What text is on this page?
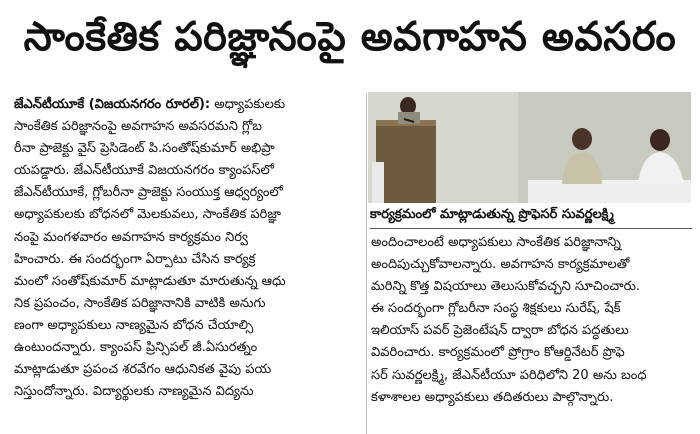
సాంకేతిక పరిజ్ఞానంపై అవగాహన అవసరం
జేఎన్‌టీయూకే (విజయనగరం రూరల్‌): అధ్యాపకులకు
సాంకేతిక పరిజ్ఞానంపై అవగాహన అవసరమని గ్లోబ
రీనా ప్రాజెక్టు వైస్‌ ప్రెసిడెంట్‌ పి.సంతోష్‌కుమార్‌ అభిప్రా
యపడ్డారు. జేఎన్‌టీయూకే విజయనగరం క్యాంపస్‌లో
జేఎన్‌టీయూకే, గ్లోబరీనా ప్రాజెక్టు సంయుక్త ఆధ్వర్యంలో
అధ్యాపకులకు బోధనలో మెలకువలు, సాంకేతిక పరిజ్ఞా
నంపై మంగళవారం అవగాహన కార్యక్రమం నిర్వ
హించారు. ఈ సందర్భంగా ఏర్పాటు చేసిన కార్యక్ర
మంలో సంతోష్‌కుమార్‌ మాట్లాడుతూ మారుతున్న ఆధు
నిక ప్రపంచం, సాంకేతిక పరిజ్ఞానానికి వాటికి అనుగు
ణంగా అధ్యాపకులు నాణ్యమైన బోధన చేయాల్సి
ఉంటుందన్నారు. క్యాంపస్‌ ప్రిన్సిపల్‌ జీ.ఏసురత్నం
మాట్లాడుతూ ప్రపంచ శరవేగం ఆధునికత వైపు పయ
నిస్తుందోన్నారు. విద్యార్థులకు నాణ్యమైన విద్యను
కార్యక్రమంలో మాట్లాడుతున్న ప్రొఫెసర్‌ సువర్ణలక్ష్మి
అందించాలంటే అధ్యాపకులు సాంకేతిక పరిజ్ఞానాన్ని
అందిపుచ్చుకోవాలన్నారు. అవగాహన కార్యక్రమాలతో
మరిన్ని కొత్త విషయాలు తెలుసుకోవచ్చని సూచించారు.
ఈ సందర్భంగా గ్లోబరీనా సంస్థ శిక్షకులు సురేష్‌, షేక్‌
ఇలియాస్‌ పవర్‌ ప్రెజెంటేషన్‌ ద్వారా బోధన పద్ధతులు
వివరించారు. కార్యక్రమంలో ప్రోగ్రాం కోఆర్డినేటర్‌ ప్రొఫె
సర్‌ సువర్ణలక్ష్మి, జేఎన్‌టీయూ పరిధిలోని 20 అను బంధ
కళాశాలల అధ్యాపకులు తదితరులు పాల్గొన్నారు.
